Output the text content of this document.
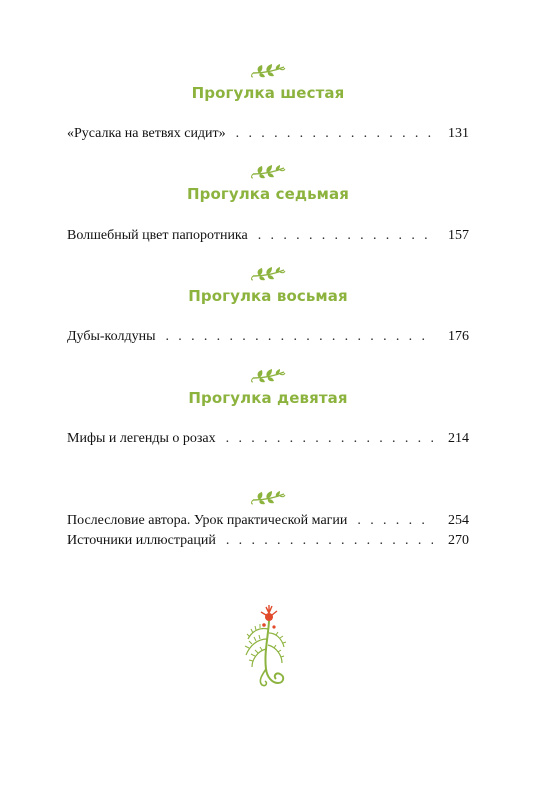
Прогулка шестая
«Русалка на ветвях сидит» . . .	131
Прогулка седьмая
Волшебный цвет папоротника . . .	157
Прогулка восьмая
Дубы-колдуны . . .	176
Прогулка девятая
Мифы и легенды о розах . . .	214
Послесловие автора. Урок практической магии . . .	254
Источники иллюстраций . . .	270
